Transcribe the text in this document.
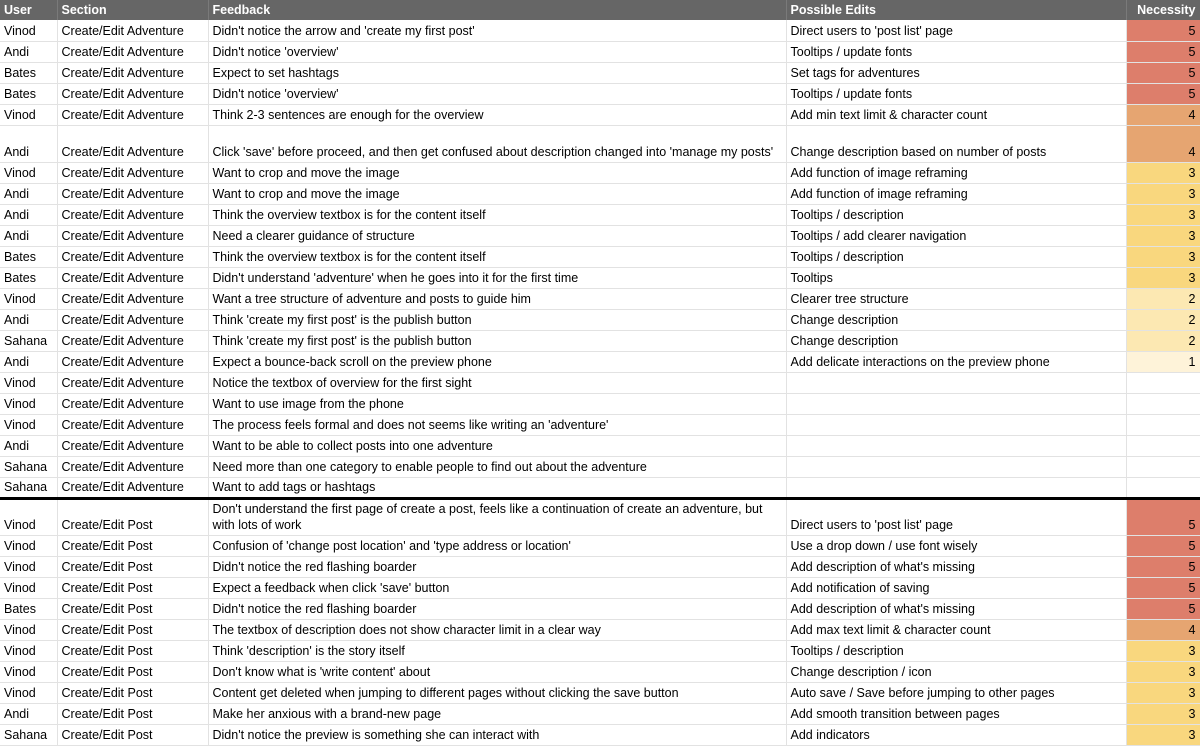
User	Section	Feedback	Possible Edits	Necessity
Vinod	Create/Edit Adventure	Didn't notice the arrow and 'create my first post'	Direct users to 'post list' page	5
Andi	Create/Edit Adventure	Didn't notice 'overview'	Tooltips / update fonts	5
Bates	Create/Edit Adventure	Expect to set hashtags	Set tags for adventures	5
Bates	Create/Edit Adventure	Didn't notice 'overview'	Tooltips / update fonts	5
Vinod	Create/Edit Adventure	Think 2-3 sentences are enough for the overview	Add min text limit & character count	4
Andi	Create/Edit Adventure	Click 'save' before proceed, and then get confused about description changed into 'manage my posts'	Change description based on number of posts	4
Vinod	Create/Edit Adventure	Want to crop and move the image	Add function of image reframing	3
Andi	Create/Edit Adventure	Want to crop and move the image	Add function of image reframing	3
Andi	Create/Edit Adventure	Think the overview textbox is for the content itself	Tooltips / description	3
Andi	Create/Edit Adventure	Need a clearer guidance of structure	Tooltips / add clearer navigation	3
Bates	Create/Edit Adventure	Think the overview textbox is for the content itself	Tooltips / description	3
Bates	Create/Edit Adventure	Didn't understand 'adventure' when he goes into it for the first time	Tooltips	3
Vinod	Create/Edit Adventure	Want a tree structure of adventure and posts to guide him	Clearer tree structure	2
Andi	Create/Edit Adventure	Think 'create my first post' is the publish button	Change description	2
Sahana	Create/Edit Adventure	Think 'create my first post' is the publish button	Change description	2
Andi	Create/Edit Adventure	Expect a bounce-back scroll on the preview phone	Add delicate interactions on the preview phone	1
Vinod	Create/Edit Adventure	Notice the textbox of overview for the first sight		
Vinod	Create/Edit Adventure	Want to use image from the phone		
Vinod	Create/Edit Adventure	The process feels formal and does not seems like writing an 'adventure'		
Andi	Create/Edit Adventure	Want to be able to collect posts into one adventure		
Sahana	Create/Edit Adventure	Need more than one category to enable people to find out about the adventure		
Sahana	Create/Edit Adventure	Want to add tags or hashtags		
Vinod	Create/Edit Post	Don't understand the first page of create a post, feels like a continuation of create an adventure, but with lots of work	Direct users to 'post list' page	5
Vinod	Create/Edit Post	Confusion of 'change post location' and 'type address or location'	Use a drop down / use font wisely	5
Vinod	Create/Edit Post	Didn't notice the red flashing boarder	Add description of what's missing	5
Vinod	Create/Edit Post	Expect a feedback when click 'save' button	Add notification of saving	5
Bates	Create/Edit Post	Didn't notice the red flashing boarder	Add description of what's missing	5
Vinod	Create/Edit Post	The textbox of description does not show character limit in a clear way	Add max text limit & character count	4
Vinod	Create/Edit Post	Think 'description' is the story itself	Tooltips / description	3
Vinod	Create/Edit Post	Don't know what is 'write content' about	Change description / icon	3
Vinod	Create/Edit Post	Content get deleted when jumping to different pages without clicking the save button	Auto save / Save before jumping to other pages	3
Andi	Create/Edit Post	Make her anxious with a brand-new page	Add smooth transition between pages	3
Sahana	Create/Edit Post	Didn't notice the preview is something she can interact with	Add indicators	3
